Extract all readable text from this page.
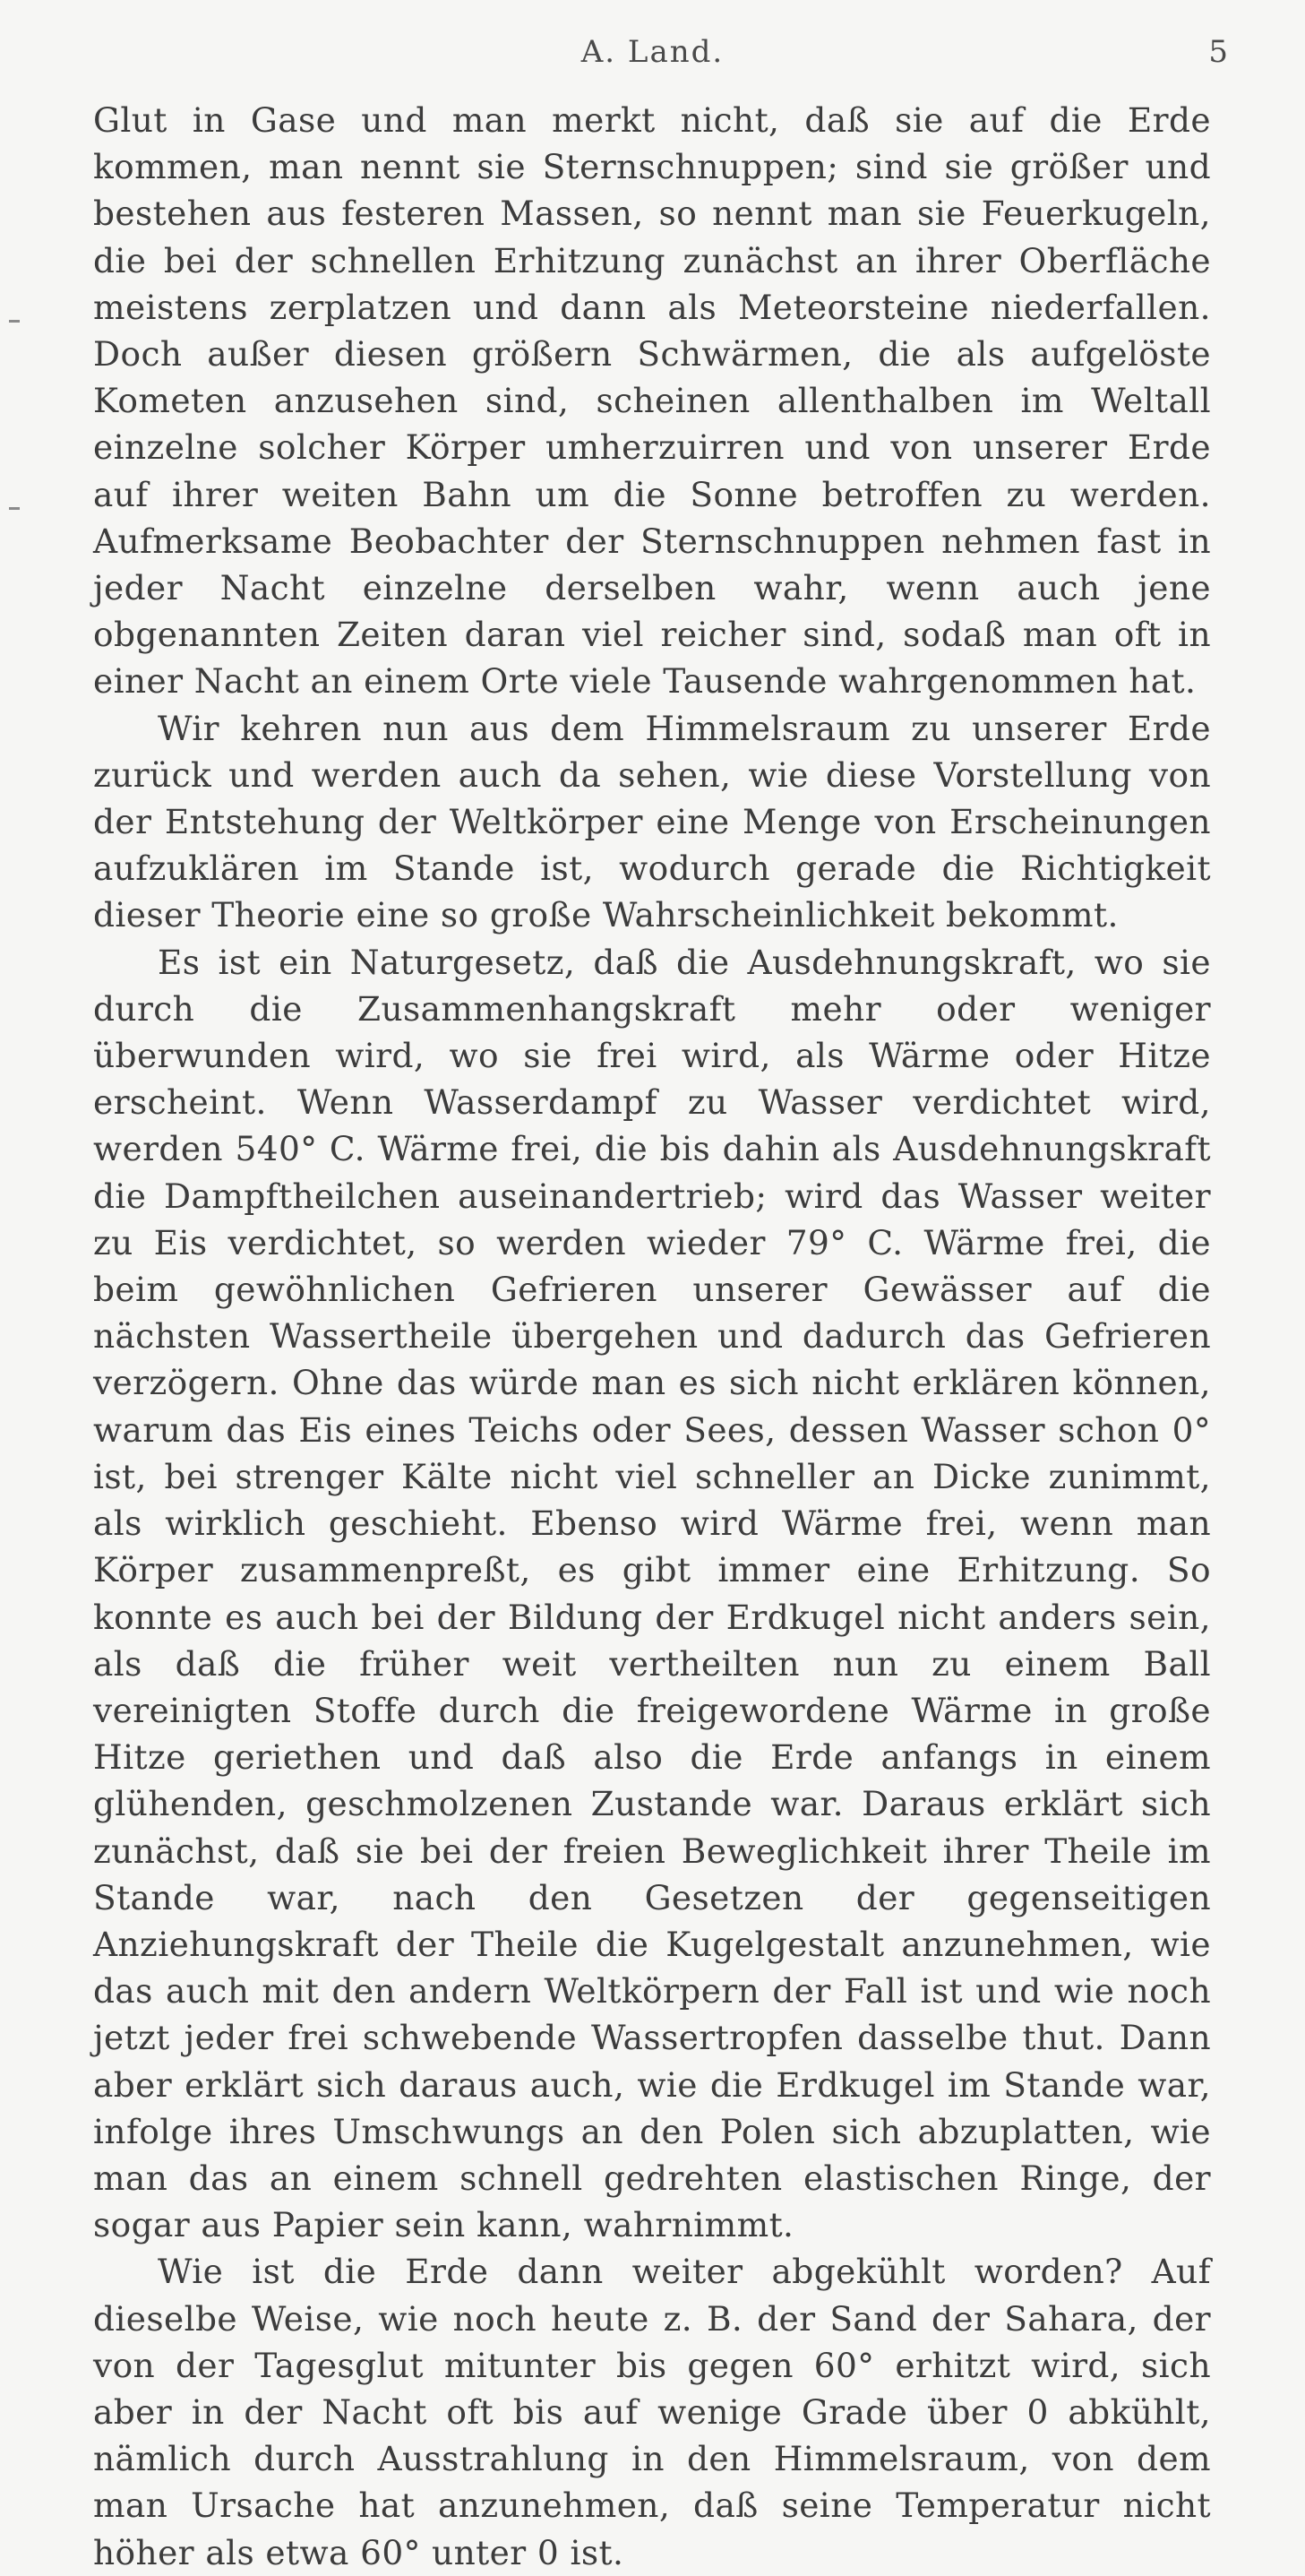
A. Land.	5

Glut in Gase und man merkt nicht, daß sie auf die Erde kommen, man nennt sie Sternschnuppen; sind sie größer und bestehen aus festeren Massen, so nennt man sie Feuerkugeln, die bei der schnellen Erhitzung zunächst an ihrer Oberfläche meistens zerplatzen und dann als Meteorsteine niederfallen. Doch außer diesen größern Schwärmen, die als aufgelöste Kometen anzusehen sind, scheinen allenthalben im Weltall einzelne solcher Körper umherzuirren und von unserer Erde auf ihrer weiten Bahn um die Sonne betroffen zu werden. Aufmerksame Beobachter der Sternschnuppen nehmen fast in jeder Nacht einzelne derselben wahr, wenn auch jene obgenannten Zeiten daran viel reicher sind, sodaß man oft in einer Nacht an einem Orte viele Tausende wahrgenommen hat.

Wir kehren nun aus dem Himmelsraum zu unserer Erde zurück und werden auch da sehen, wie diese Vorstellung von der Entstehung der Weltkörper eine Menge von Erscheinungen aufzuklären im Stande ist, wodurch gerade die Richtigkeit dieser Theorie eine so große Wahrscheinlichkeit bekommt.

Es ist ein Naturgesetz, daß die Ausdehnungskraft, wo sie durch die Zusammenhangskraft mehr oder weniger überwunden wird, wo sie frei wird, als Wärme oder Hitze erscheint. Wenn Wasserdampf zu Wasser verdichtet wird, werden 540° C. Wärme frei, die bis dahin als Ausdehnungskraft die Dampftheilchen auseinandertrieb; wird das Wasser weiter zu Eis verdichtet, so werden wieder 79° C. Wärme frei, die beim gewöhnlichen Gefrieren unserer Gewässer auf die nächsten Wassertheile übergehen und dadurch das Gefrieren verzögern. Ohne das würde man es sich nicht erklären können, warum das Eis eines Teichs oder Sees, dessen Wasser schon 0° ist, bei strenger Kälte nicht viel schneller an Dicke zunimmt, als wirklich geschieht. Ebenso wird Wärme frei, wenn man Körper zusammenpreßt, es gibt immer eine Erhitzung. So konnte es auch bei der Bildung der Erdkugel nicht anders sein, als daß die früher weit vertheilten nun zu einem Ball vereinigten Stoffe durch die freigewordene Wärme in große Hitze geriethen und daß also die Erde anfangs in einem glühenden, geschmolzenen Zustande war. Daraus erklärt sich zunächst, daß sie bei der freien Beweglichkeit ihrer Theile im Stande war, nach den Gesetzen der gegenseitigen Anziehungskraft der Theile die Kugelgestalt anzunehmen, wie das auch mit den andern Weltkörpern der Fall ist und wie noch jetzt jeder frei schwebende Wassertropfen dasselbe thut. Dann aber erklärt sich daraus auch, wie die Erdkugel im Stande war, infolge ihres Umschwungs an den Polen sich abzuplatten, wie man das an einem schnell gedrehten elastischen Ringe, der sogar aus Papier sein kann, wahrnimmt.

Wie ist die Erde dann weiter abgekühlt worden? Auf dieselbe Weise, wie noch heute z. B. der Sand der Sahara, der von der Tagesglut mitunter bis gegen 60° erhitzt wird, sich aber in der Nacht oft bis auf wenige Grade über 0 abkühlt, nämlich durch Ausstrahlung in den Himmelsraum, von dem man Ursache hat anzunehmen, daß seine Temperatur nicht höher als etwa 60° unter 0 ist.
